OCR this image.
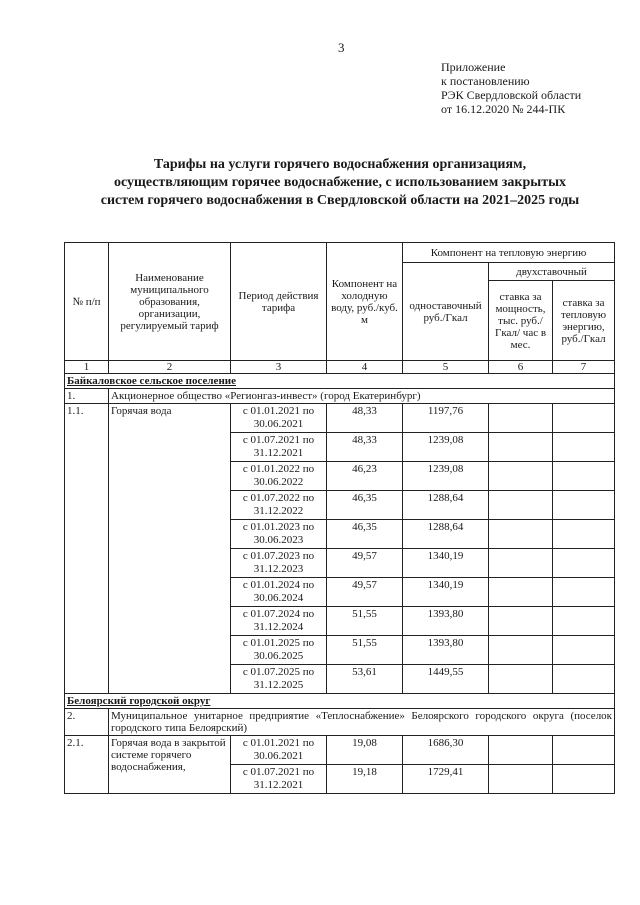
3
Приложение
к постановлению
РЭК Свердловской области
от 16.12.2020 № 244-ПК
Тарифы на услуги горячего водоснабжения организациям,
осуществляющим горячее водоснабжение, с использованием закрытых
систем горячего водоснабжения в Свердловской области на 2021–2025 годы
№ п/п	Наименование муниципального образования, организации, регулируемый тариф	Период действия тарифа	Компонент на холодную воду, руб./куб. м	Компонент на тепловую энергию		
				одноставочный руб./Гкал	двухставочный	
					ставка за мощность, тыс. руб./Гкал/ час в мес.	ставка за тепловую энергию, руб./Гкал
1	2	3	4	5	6	7
Байкаловское сельское поселение						
1.	Акционерное общество «Регионгаз-инвест» (город Екатеринбург)					
1.1.	Горячая вода	с 01.01.2021 по 30.06.2021	48,33	1197,76		
		с 01.07.2021 по 31.12.2021	48,33	1239,08		
		с 01.01.2022 по 30.06.2022	46,23	1239,08		
		с 01.07.2022 по 31.12.2022	46,35	1288,64		
		с 01.01.2023 по 30.06.2023	46,35	1288,64		
		с 01.07.2023 по 31.12.2023	49,57	1340,19		
		с 01.01.2024 по 30.06.2024	49,57	1340,19		
		с 01.07.2024 по 31.12.2024	51,55	1393,80		
		с 01.01.2025 по 30.06.2025	51,55	1393,80		
		с 01.07.2025 по 31.12.2025	53,61	1449,55		
Белоярский городской округ						
2.	Муниципальное унитарное предприятие «Теплоснабжение» Белоярского городского округа (поселок городского типа Белоярский)					
2.1.	Горячая вода в закрытой системе горячего водоснабжения,	с 01.01.2021 по 30.06.2021	19,08	1686,30		
		с 01.07.2021 по 31.12.2021	19,18	1729,41		
